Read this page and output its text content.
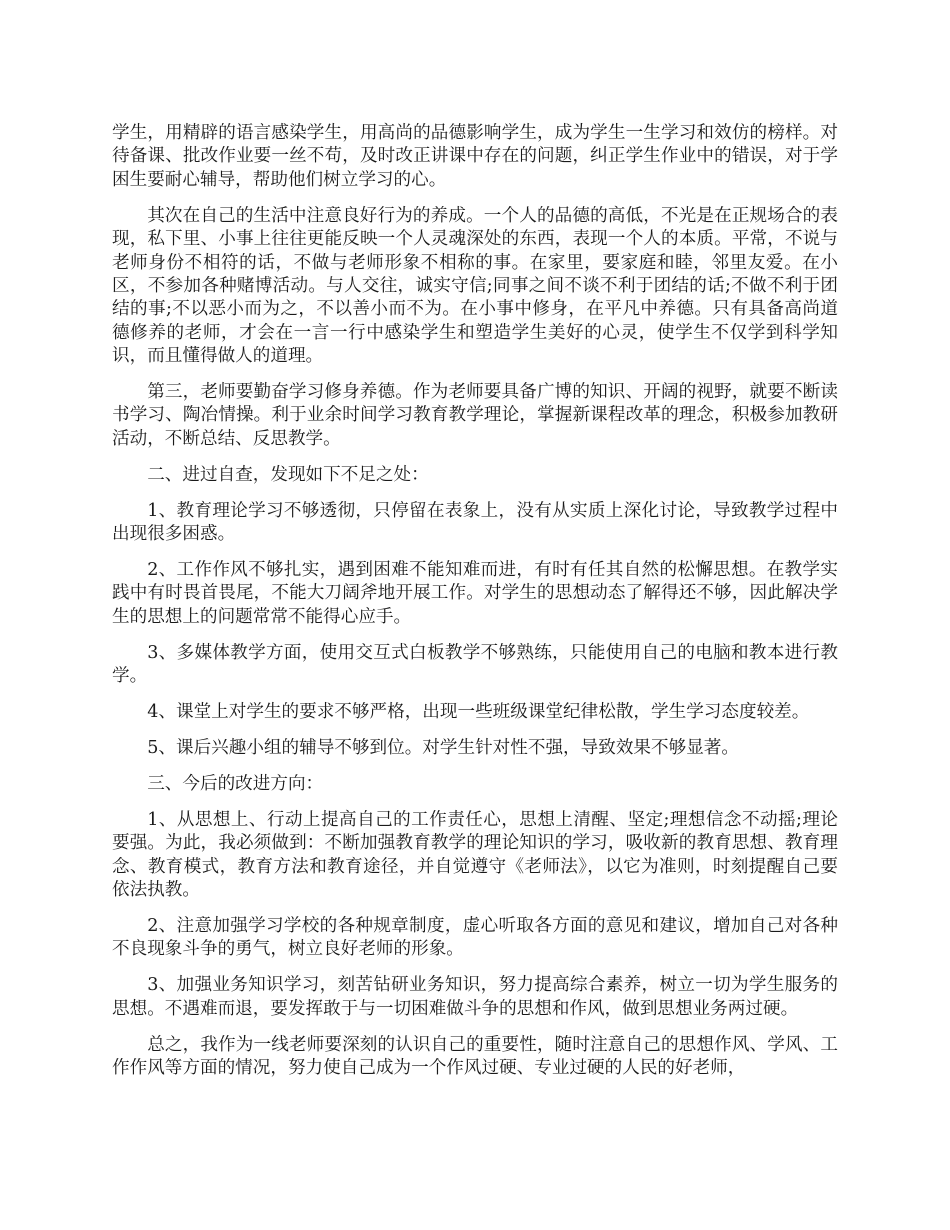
学生，用精辟的语言感染学生，用高尚的品德影响学生，成为学生一生学习和效仿的榜样。对待备课、批改作业要一丝不苟，及时改正讲课中存在的问题，纠正学生作业中的错误，对于学困生要耐心辅导，帮助他们树立学习的心。

其次在自己的生活中注意良好行为的养成。一个人的品德的高低，不光是在正规场合的表现，私下里、小事上往往更能反映一个人灵魂深处的东西，表现一个人的本质。平常，不说与老师身份不相符的话，不做与老师形象不相称的事。在家里，要家庭和睦，邻里友爱。在小区，不参加各种赌博活动。与人交往，诚实守信;同事之间不谈不利于团结的话;不做不利于团结的事;不以恶小而为之，不以善小而不为。在小事中修身，在平凡中养德。只有具备高尚道德修养的老师，才会在一言一行中感染学生和塑造学生美好的心灵，使学生不仅学到科学知识，而且懂得做人的道理。

第三，老师要勤奋学习修身养德。作为老师要具备广博的知识、开阔的视野，就要不断读书学习、陶冶情操。利于业余时间学习教育教学理论，掌握新课程改革的理念，积极参加教研活动，不断总结、反思教学。

二、进过自查，发现如下不足之处：

1、教育理论学习不够透彻，只停留在表象上，没有从实质上深化讨论，导致教学过程中出现很多困惑。

2、工作作风不够扎实，遇到困难不能知难而进，有时有任其自然的松懈思想。在教学实践中有时畏首畏尾，不能大刀阔斧地开展工作。对学生的思想动态了解得还不够，因此解决学生的思想上的问题常常不能得心应手。

3、多媒体教学方面，使用交互式白板教学不够熟练，只能使用自己的电脑和教本进行教学。

4、课堂上对学生的要求不够严格，出现一些班级课堂纪律松散，学生学习态度较差。

5、课后兴趣小组的辅导不够到位。对学生针对性不强，导致效果不够显著。

三、今后的改进方向：

1、从思想上、行动上提高自己的工作责任心，思想上清醒、坚定;理想信念不动摇;理论要强。为此，我必须做到：不断加强教育教学的理论知识的学习，吸收新的教育思想、教育理念、教育模式，教育方法和教育途径，并自觉遵守《老师法》，以它为准则，时刻提醒自己要依法执教。

2、注意加强学习学校的各种规章制度，虚心听取各方面的意见和建议，增加自己对各种不良现象斗争的勇气，树立良好老师的形象。

3、加强业务知识学习，刻苦钻研业务知识，努力提高综合素养，树立一切为学生服务的思想。不遇难而退，要发挥敢于与一切困难做斗争的思想和作风，做到思想业务两过硬。

总之，我作为一线老师要深刻的认识自己的重要性，随时注意自己的思想作风、学风、工作作风等方面的情况，努力使自己成为一个作风过硬、专业过硬的人民的好老师，
